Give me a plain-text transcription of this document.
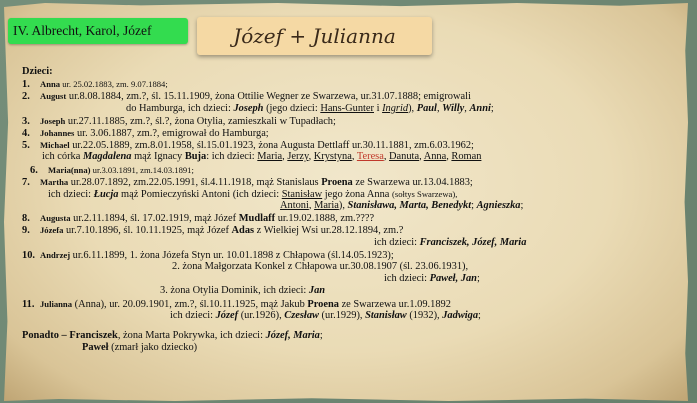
IV. Albrecht, Karol, Józef	Józef + Julianna
Dzieci:
1. Anna ur. 25.02.1883, zm. 9.07.1884;
2. August ur.8.08.1884, zm.?, śl. 15.11.1909, żona Ottilie Wegner ze Swarzewa, ur.31.07.1888; emigrowali
do Hamburga, ich dzieci: Joseph (jego dzieci: Hans-Gunter i Ingrid), Paul, Willy, Anni;
3. Joseph ur.27.11.1885, zm.?, śl.?, żona Otylia, zamieszkali w Tupadłach;
4. Johannes ur. 3.06.1887, zm.?, emigrował do Hamburga;
5. Michael ur.22.05.1889, zm.8.01.1958, śl.15.01.1923, żona Augusta Dettlaff ur.30.11.1881, zm.6.03.1962;
ich córka Magdalena mąż Ignacy Buja: ich dzieci: Maria, Jerzy, Krystyna, Teresa, Danuta, Anna, Roman
6. Maria(nna) ur.3.03.1891, zm.14.03.1891;
7. Martha ur.28.07.1892, zm.22.05.1991, śl.4.11.1918, mąż Stanislaus Proena ze Swarzewa ur.13.04.1883;
ich dzieci: Łucja mąż Pomieczyński Antoni (ich dzieci: Stanisław jego żona Anna (sołtys Swarzewa),
Antoni, Maria), Stanisława, Marta, Benedykt; Agnieszka;
8. Augusta ur.2.11.1894, śl. 17.02.1919, mąż Józef Mudlaff ur.19.02.1888, zm.????
9. Józefa ur.7.10.1896, śl. 10.11.1925, mąż Józef Adas z Wielkiej Wsi ur.28.12.1894, zm.?
ich dzieci: Franciszek, Józef, Maria
10. Andrzej ur.6.11.1899, 1. żona Józefa Styn ur. 10.01.1898 z Chłapowa (śl.14.05.1923);
2. żona Małgorzata Konkel z Chłapowa ur.30.08.1907 (śl. 23.06.1931),
ich dzieci: Paweł, Jan;
3. żona Otylia Dominik, ich dzieci: Jan
11. Julianna (Anna), ur. 20.09.1901, zm.?, śl.10.11.1925, mąż Jakub Proena ze Swarzewa ur.1.09.1892
ich dzieci: Józef (ur.1926), Czesław (ur.1929), Stanisław (1932), Jadwiga;
Ponadto – Franciszek, żona Marta Pokrywka, ich dzieci: Józef, Maria;
Paweł (zmarł jako dziecko)
